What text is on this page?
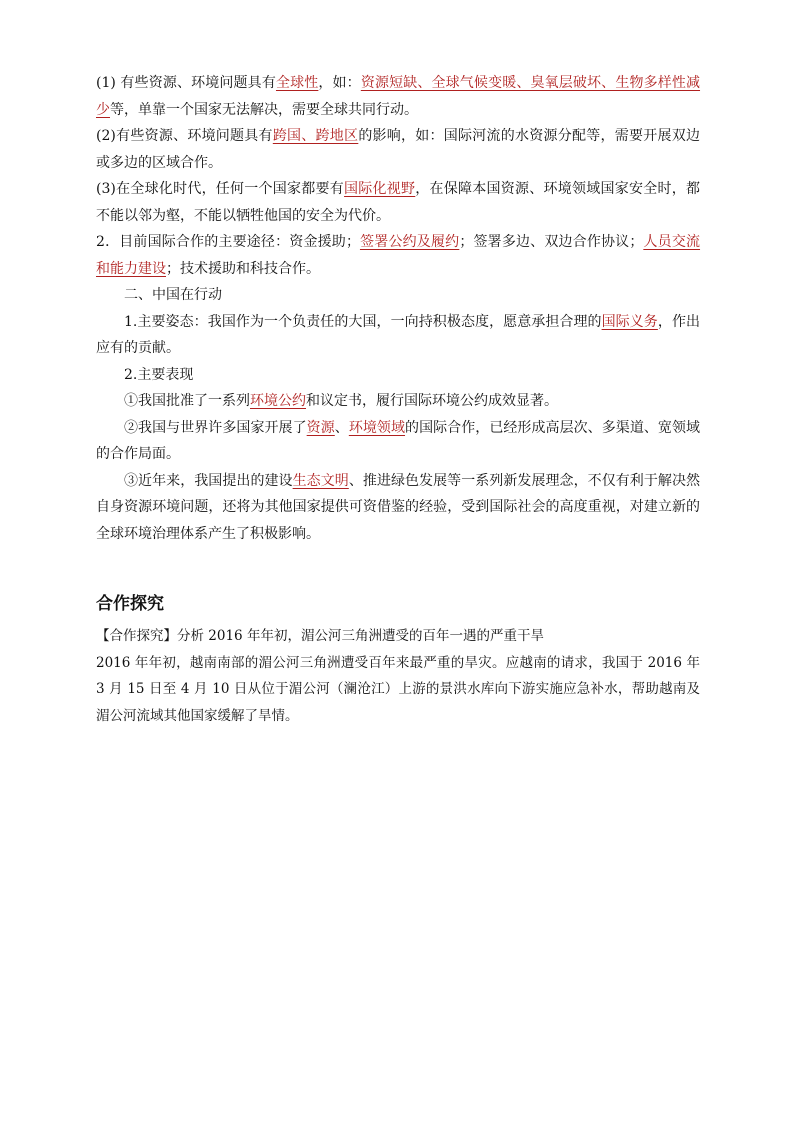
(1) 有些资源、环境问题具有全球性，如：资源短缺、全球气候变暖、臭氧层破坏、生物多样性减少等，单靠一个国家无法解决，需要全球共同行动。

(2)有些资源、环境问题具有跨国、跨地区的影响，如：国际河流的水资源分配等，需要开展双边或多边的区域合作。

(3)在全球化时代，任何一个国家都要有国际化视野，在保障本国资源、环境领域国家安全时，都不能以邻为壑，不能以牺牲他国的安全为代价。

2．目前国际合作的主要途径：资金援助；签署公约及履约；签署多边、双边合作协议；人员交流和能力建设；技术援助和科技合作。

二、中国在行动

1.主要姿态：我国作为一个负责任的大国，一向持积极态度，愿意承担合理的国际义务，作出应有的贡献。

2.主要表现

①我国批准了一系列环境公约和议定书，履行国际环境公约成效显著。

②我国与世界许多国家开展了资源、环境领域的国际合作，已经形成高层次、多渠道、宽领域的合作局面。

③近年来，我国提出的建设生态文明、推进绿色发展等一系列新发展理念，不仅有利于解决然自身资源环境问题，还将为其他国家提供可资借鉴的经验，受到国际社会的高度重视，对建立新的全球环境治理体系产生了积极影响。

合作探究

【合作探究】分析 2016 年年初，湄公河三角洲遭受的百年一遇的严重干旱

2016 年年初，越南南部的湄公河三角洲遭受百年来最严重的旱灾。应越南的请求，我国于 2016 年 3 月 15 日至 4 月 10 日从位于湄公河（澜沧江）上游的景洪水库向下游实施应急补水，帮助越南及湄公河流域其他国家缓解了旱情。
